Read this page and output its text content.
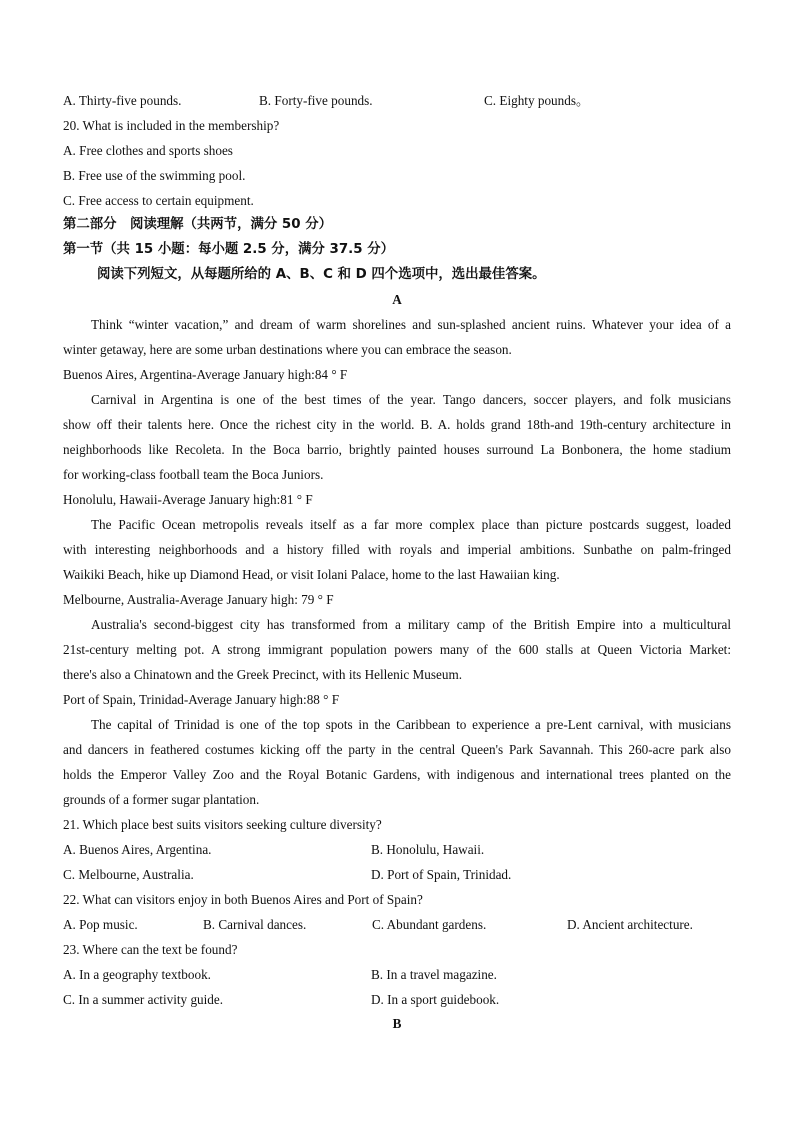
A. Thirty-five pounds.	B. Forty-five pounds.	C. Eighty pounds。
20. What is included in the membership?
A. Free clothes and sports shoes
B. Free use of the swimming pool.
C. Free access to certain equipment.
第二部分　阅读理解（共两节，满分 50 分）
第一节（共 15 小题：每小题 2.5 分，满分 37.5 分）
阅读下列短文，从每题所给的 A、B、C 和 D 四个选项中，选出最佳答案。
A
Think “winter vacation,” and dream of warm shorelines and sun-splashed ancient ruins. Whatever your idea of a
winter getaway, here are some urban destinations where you can embrace the season.
Buenos Aires, Argentina-Average January high:84 ° F
Carnival in Argentina is one of the best times of the year. Tango dancers, soccer players, and folk musicians
show off their talents here. Once the richest city in the world. B. A. holds grand 18th-and 19th-century architecture in
neighborhoods like Recoleta. In the Boca barrio, brightly painted houses surround La Bonbonera, the home stadium
for working-class football team the Boca Juniors.
Honolulu, Hawaii-Average January high:81 ° F
The Pacific Ocean metropolis reveals itself as a far more complex place than picture postcards suggest, loaded
with interesting neighborhoods and a history filled with royals and imperial ambitions. Sunbathe on palm-fringed
Waikiki Beach, hike up Diamond Head, or visit Iolani Palace, home to the last Hawaiian king.
Melbourne, Australia-Average January high: 79 ° F
Australia's second-biggest city has transformed from a military camp of the British Empire into a multicultural
21st-century melting pot. A strong immigrant population powers many of the 600 stalls at Queen Victoria Market:
there's also a Chinatown and the Greek Precinct, with its Hellenic Museum.
Port of Spain, Trinidad-Average January high:88 ° F
The capital of Trinidad is one of the top spots in the Caribbean to experience a pre-Lent carnival, with musicians
and dancers in feathered costumes kicking off the party in the central Queen's Park Savannah. This 260-acre park also
holds the Emperor Valley Zoo and the Royal Botanic Gardens, with indigenous and international trees planted on the
grounds of a former sugar plantation.
21. Which place best suits visitors seeking culture diversity?
A. Buenos Aires, Argentina.	B. Honolulu, Hawaii.
C. Melbourne, Australia.	D. Port of Spain, Trinidad.
22. What can visitors enjoy in both Buenos Aires and Port of Spain?
A. Pop music.	B. Carnival dances.	C. Abundant gardens.	D. Ancient architecture.
23. Where can the text be found?
A. In a geography textbook.	B. In a travel magazine.
C. In a summer activity guide.	D. In a sport guidebook.
B
